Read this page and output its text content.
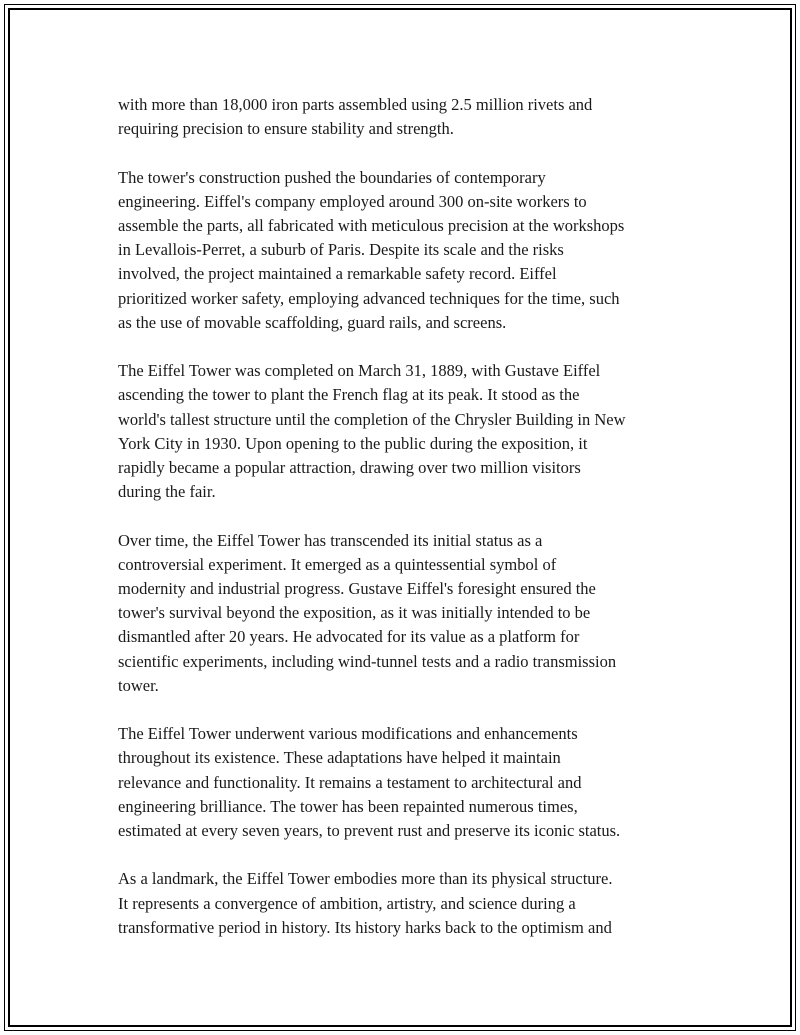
with more than 18,000 iron parts assembled using 2.5 million rivets and
requiring precision to ensure stability and strength.

The tower's construction pushed the boundaries of contemporary
engineering. Eiffel's company employed around 300 on-site workers to
assemble the parts, all fabricated with meticulous precision at the workshops
in Levallois-Perret, a suburb of Paris. Despite its scale and the risks
involved, the project maintained a remarkable safety record. Eiffel
prioritized worker safety, employing advanced techniques for the time, such
as the use of movable scaffolding, guard rails, and screens.

The Eiffel Tower was completed on March 31, 1889, with Gustave Eiffel
ascending the tower to plant the French flag at its peak. It stood as the
world's tallest structure until the completion of the Chrysler Building in New
York City in 1930. Upon opening to the public during the exposition, it
rapidly became a popular attraction, drawing over two million visitors
during the fair.

Over time, the Eiffel Tower has transcended its initial status as a
controversial experiment. It emerged as a quintessential symbol of
modernity and industrial progress. Gustave Eiffel's foresight ensured the
tower's survival beyond the exposition, as it was initially intended to be
dismantled after 20 years. He advocated for its value as a platform for
scientific experiments, including wind-tunnel tests and a radio transmission
tower.

The Eiffel Tower underwent various modifications and enhancements
throughout its existence. These adaptations have helped it maintain
relevance and functionality. It remains a testament to architectural and
engineering brilliance. The tower has been repainted numerous times,
estimated at every seven years, to prevent rust and preserve its iconic status.

As a landmark, the Eiffel Tower embodies more than its physical structure.
It represents a convergence of ambition, artistry, and science during a
transformative period in history. Its history harks back to the optimism and
